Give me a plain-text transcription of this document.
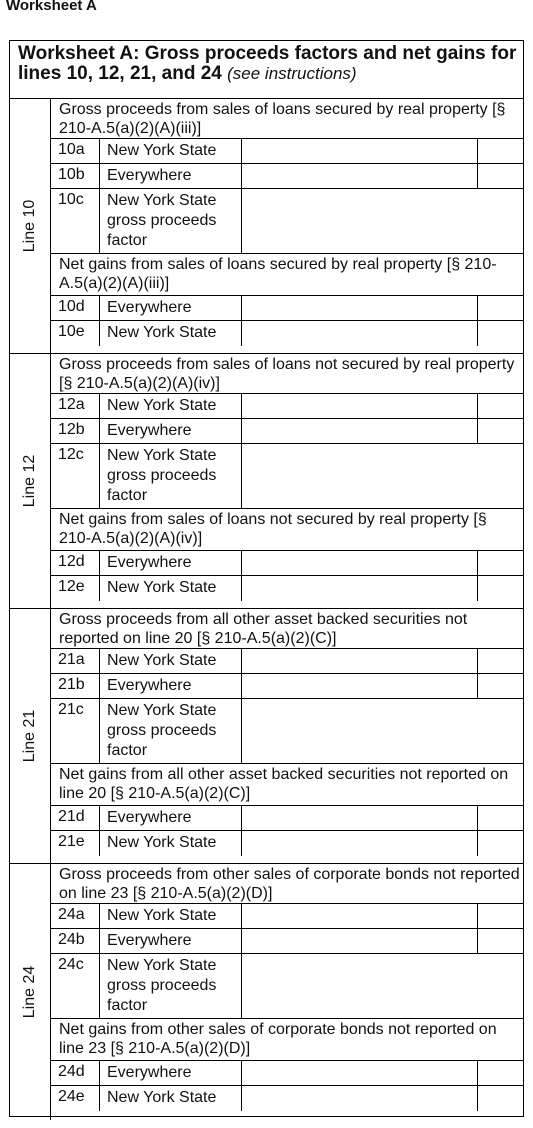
Worksheet A
Worksheet A: Gross proceeds factors and net gains for lines 10, 12, 21, and 24 (see instructions)
Line 10
Gross proceeds from sales of loans secured by real property [§ 210-A.5(a)(2)(A)(iii)]
10a	New York State
10b	Everywhere
10c	New York State gross proceeds factor
Net gains from sales of loans secured by real property [§ 210-A.5(a)(2)(A)(iii)]
10d	Everywhere
10e	New York State
Line 12
Gross proceeds from sales of loans not secured by real property [§ 210-A.5(a)(2)(A)(iv)]
12a	New York State
12b	Everywhere
12c	New York State gross proceeds factor
Net gains from sales of loans not secured by real property [§ 210-A.5(a)(2)(A)(iv)]
12d	Everywhere
12e	New York State
Line 21
Gross proceeds from all other asset backed securities not reported on line 20 [§ 210-A.5(a)(2)(C)]
21a	New York State
21b	Everywhere
21c	New York State gross proceeds factor
Net gains from all other asset backed securities not reported on line 20 [§ 210-A.5(a)(2)(C)]
21d	Everywhere
21e	New York State
Line 24
Gross proceeds from other sales of corporate bonds not reported on line 23 [§ 210-A.5(a)(2)(D)]
24a	New York State
24b	Everywhere
24c	New York State gross proceeds factor
Net gains from other sales of corporate bonds not reported on line 23 [§ 210-A.5(a)(2)(D)]
24d	Everywhere
24e	New York State
